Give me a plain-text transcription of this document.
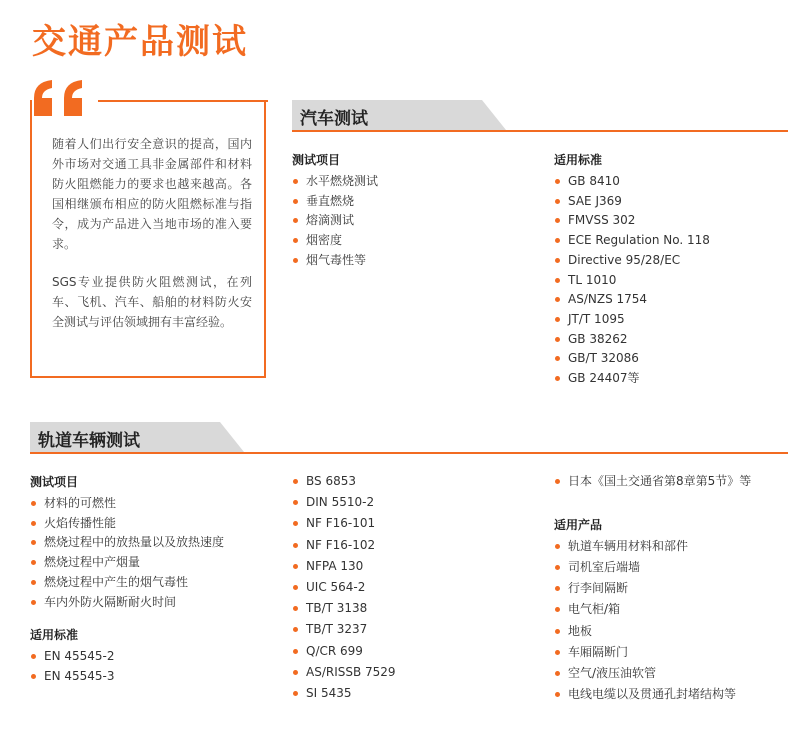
交通产品测试

随着人们出行安全意识的提高，国内外市场对交通工具非金属部件和材料防火阻燃能力的要求也越来越高。各国相继颁布相应的防火阻燃标准与指令，成为产品进入当地市场的准入要求。

SGS专业提供防火阻燃测试，在列车、飞机、汽车、船舶的材料防火安全测试与评估领域拥有丰富经验。

汽车测试
测试项目
水平燃烧测试
垂直燃烧
熔滴测试
烟密度
烟气毒性等
适用标准
GB 8410
SAE J369
FMVSS 302
ECE Regulation No. 118
Directive 95/28/EC
TL 1010
AS/NZS 1754
JT/T 1095
GB 38262
GB/T 32086
GB 24407等
轨道车辆测试
测试项目
材料的可燃性
火焰传播性能
燃烧过程中的放热量以及放热速度
燃烧过程中产烟量
燃烧过程中产生的烟气毒性
车内外防火隔断耐火时间
适用标准
EN 45545-2
EN 45545-3
BS 6853
DIN 5510-2
NF F16-101
NF F16-102
NFPA 130
UIC 564-2
TB/T 3138
TB/T 3237
Q/CR 699
AS/RISSB 7529
SI 5435
日本《国土交通省第8章第5节》等
适用产品
轨道车辆用材料和部件
司机室后端墙
行李间隔断
电气柜/箱
地板
车厢隔断门
空气/液压油软管
电线电缆以及贯通孔封堵结构等
